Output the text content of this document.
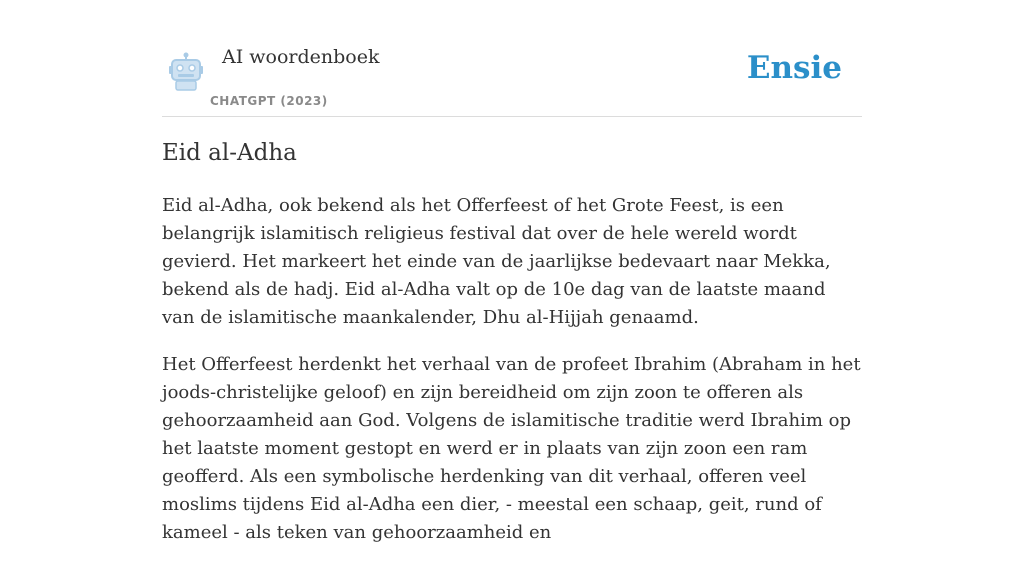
AI woordenboek
CHATGPT (2023)
Ensie
Eid al-Adha

Eid al-Adha, ook bekend als het Offerfeest of het Grote Feest, is een belangrijk islamitisch religieus festival dat over de hele wereld wordt gevierd. Het markeert het einde van de jaarlijkse bedevaart naar Mekka, bekend als de hadj. Eid al-Adha valt op de 10e dag van de laatste maand van de islamitische maankalender, Dhu al-Hijjah genaamd.

Het Offerfeest herdenkt het verhaal van de profeet Ibrahim (Abraham in het joods-christelijke geloof) en zijn bereidheid om zijn zoon te offeren als gehoorzaamheid aan God. Volgens de islamitische traditie werd Ibrahim op het laatste moment gestopt en werd er in plaats van zijn zoon een ram geofferd. Als een symbolische herdenking van dit verhaal, offeren veel moslims tijdens Eid al-Adha een dier, - meestal een schaap, geit, rund of kameel - als teken van gehoorzaamheid en
